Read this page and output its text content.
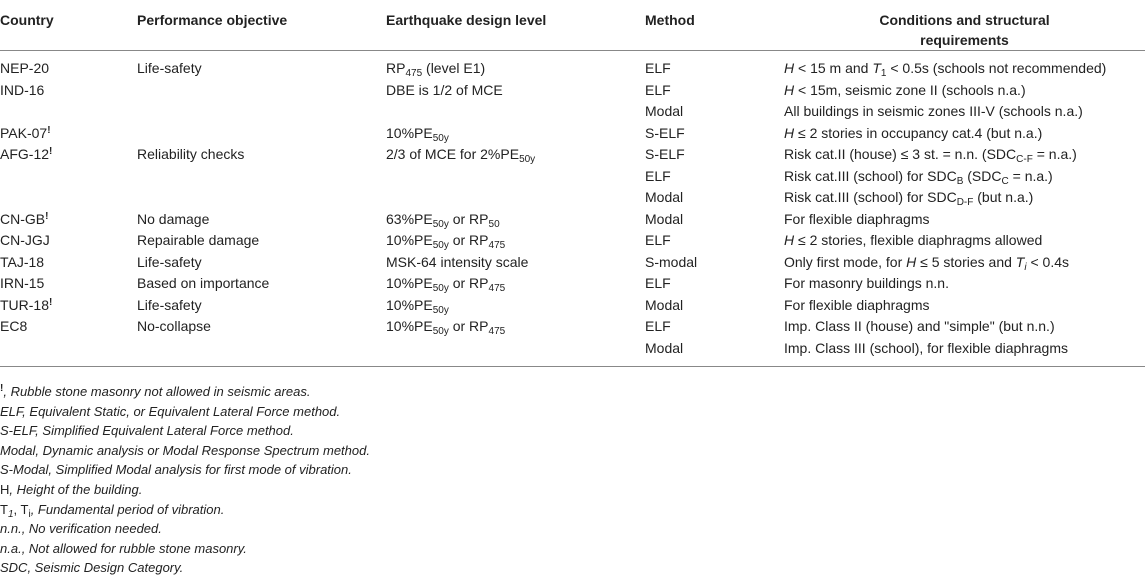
Country	Performance objective	Earthquake design level	Method	Conditions and structural
requirements
NEP-20	Life-safety	$RP_{475}$ (level E1)	ELF	H < 15 m and $T_1 < 0.5s$ (schools not recommended)
IND-16		DBE is 1/2 of MCE	ELF	H < 15m, seismic zone II (schools n.a.)
			Modal	All buildings in seismic zones III-V (schools n.a.)
PAK-07!		$10\%PE_{50y}$	S-ELF	H ≤ 2 stories in occupancy cat.4 (but n.a.)
AFG-12!	Reliability checks	2/3 of MCE for $2\%PE_{50y}$	S-ELF	Risk cat.II (house) ≤ 3 st. = n.n. $(SDC_{C-F} = n.a.)$
			ELF	Risk cat.III (school) for $SDC_B$ $(SDC_C = n.a.)$
			Modal	Risk cat.III (school) for $SDC_{D-F}$ (but n.a.)
CN-GB!	No damage	$63\%PE_{50y}$ or $RP_{50}$	Modal	For flexible diaphragms
CN-JGJ	Repairable damage	$10\%PE_{50y}$ or $RP_{475}$	ELF	H ≤ 2 stories, flexible diaphragms allowed
TAJ-18	Life-safety	MSK-64 intensity scale	S-modal	Only first mode, for H ≤ 5 stories and $T_i < 0.4s$
IRN-15	Based on importance	$10\%PE_{50y}$ or $RP_{475}$	ELF	For masonry buildings n.n.
TUR-18!	Life-safety	$10\%PE_{50y}$	Modal	For flexible diaphragms
EC8	No-collapse	$10\%PE_{50y}$ or $RP_{475}$	ELF	Imp. Class II (house) and "simple" (but n.n.)
			Modal	Imp. Class III (school), for flexible diaphragms
!, Rubble stone masonry not allowed in seismic areas.
ELF, Equivalent Static, or Equivalent Lateral Force method.
S-ELF, Simplified Equivalent Lateral Force method.
Modal, Dynamic analysis or Modal Response Spectrum method.
S-Modal, Simplified Modal analysis for first mode of vibration.
H, Height of the building.
$T_1$, $T_i$, Fundamental period of vibration.
n.n., No verification needed.
n.a., Not allowed for rubble stone masonry.
SDC, Seismic Design Category.
